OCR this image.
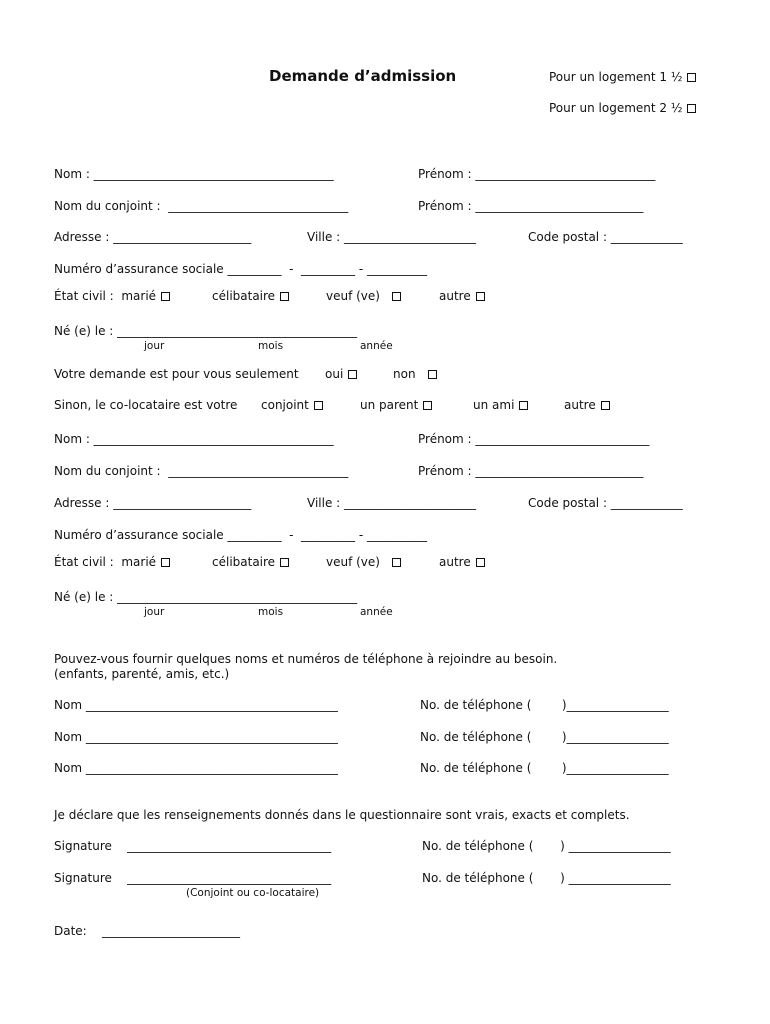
Demande d’admission	Pour un logement 1 ½
Pour un logement 2 ½
Nom : ________________________________________	Prénom : ______________________________
Nom du conjoint :  ______________________________	Prénom : ____________________________
Adresse : _______________________	Ville : ______________________	Code postal : ____________
Numéro d’assurance sociale _________  -  _________ - __________
État civil :  marié	célibataire	veuf (ve)	autre
Né (e) le : ________________________________________
jour	mois	année
Votre demande est pour vous seulement oui	non
Sinon, le co-locataire est votre conjoint	un parent	un ami	autre
Nom : ________________________________________	Prénom : _____________________________
Nom du conjoint :  ______________________________	Prénom : ____________________________
Adresse : _______________________	Ville : ______________________	Code postal : ____________
Numéro d’assurance sociale _________  -  _________ - __________
État civil :  marié	célibataire	veuf (ve)	autre
Né (e) le : ________________________________________
jour	mois	année
Pouvez-vous fournir quelques noms et numéros de téléphone à rejoindre au besoin.
(enfants, parenté, amis, etc.)
Nom __________________________________________	No. de téléphone (        )_________________
Nom __________________________________________	No. de téléphone (        )_________________
Nom __________________________________________	No. de téléphone (        )_________________
Je déclare que les renseignements donnés dans le questionnaire sont vrais, exacts et complets.
Signature    __________________________________	No. de téléphone (       ) _________________
Signature    __________________________________	No. de téléphone (       ) _________________
(Conjoint ou co-locataire)
Date:    _______________________
